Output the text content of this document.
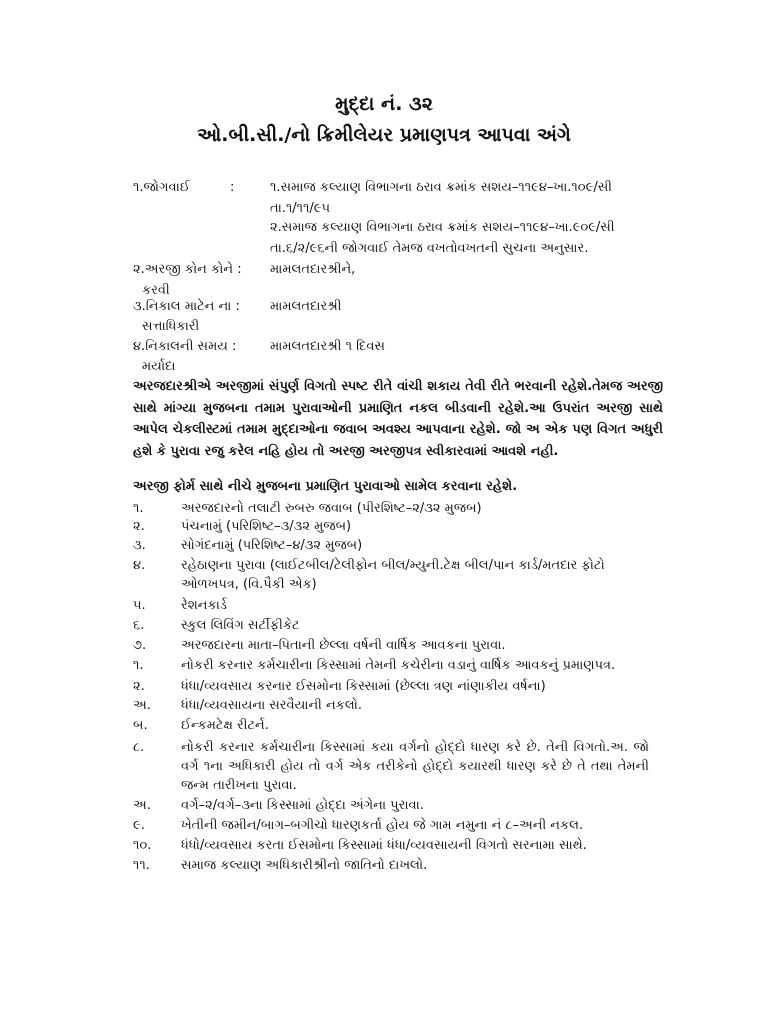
મુદ્દા નં. ૩૨
ઓ.બી.સી./નો ક્રિમીલેયર પ્રમાણપત્ર આપવા અંગે
૧.જોગવાઈ	:	૧.સમાજ કલ્યાણ વિભાગના ઠરાવ ક્રમાંક સશય–૧૧૯૪–ખા.૧૦૯/સી
તા.૧/૧૧/૯૫
૨.સમાજ કલ્યાણ વિભાગના ઠરાવ ક્રમાંક સશય–૧૧૯૪–ખા.૯૦૯/સી
તા.૬/૨/૯૬ની જોગવાઈ તેમજ વખતોવખતની સુચના અનુસાર.
૨.અરજી કોન કોને : મામલતદારશ્રીને,
કરવી
૩.નિકાલ માટેન ના : મામલતદારશ્રી
સત્તાધિકારી
૪.નિકાલની સમય :	મામલતદારશ્રી ૧ દિવસ
મર્યાદા
અરજદારશ્રીએ અરજીમાં સંપુર્ણ વિગતો સ્પષ્ટ રીતે વાંચી શકાય તેવી રીતે ભરવાની રહેશે.તેમજ અરજી સાથે માંગ્યા મુજબના તમામ પુરાવાઓની પ્રમાણિત નકલ બીડવાની રહેશે.આ ઉપરાંત અરજી સાથે આપેલ ચેકલીસ્ટમાં તમામ મુદ્દાઓના જવાબ અવશ્ય આપવાના રહેશે. જો અ એક પણ વિગત અધુરી હશે કે પુરાવા રજુ કરેલ નહિ હોય તો અરજી અરજીપત્ર સ્વીકારવામાં આવશે નહી.
અરજી ફોર્મ સાથે નીચે મુજબના પ્રમાણિત પુરાવાઓ સામેલ કરવાના રહેશે.
૧.	અરજદારનો તલાટી રુબરુ જવાબ (પીરશિષ્ટ–૨/૩૨ મુજબ)
૨.	પંચનામું (પરિશિષ્ટ–૩/૩૨ મુજબ)
૩.	સોગંદનામું (પરિશિષ્ટ–૪/૩૨ મુજબ)
૪.	રહેઠાણના પુરાવા (લાઈટબીલ/ટેલીફોન બીલ/મ્યુની.ટેક્ષ બીલ/પાન કાર્ડ/મતદાર ફોટો
ઓળખપત્ર, (વિ.પૈકી એક)
૫.	રેશનકાર્ડ
૬.	સ્કુલ લિવિંગ સર્ટીફીકેટ
૭.	અરજદારના માતા–પિતાની છેલ્લા વર્ષની વાર્ષિક આવકના પુરાવા.
૧.	નોકરી કરનાર કર્મચારીના કિસ્સામાં તેમની કચેરીના વડાનું વાર્ષિક આવકનું પ્રમાણપત્ર.
૨.	ધંધા/વ્યવસાય કરનાર ઈસમોના કિસ્સામાં (છેલ્લા ત્રણ નાંણાકીય વર્ષના)
અ. ધંધા/વ્યવસાયના સરવૈયાની નકલો.
બ.	ઈન્કમટેક્ષ રીટર્ન.
૮.	નોકરી કરનાર કર્મચારીના કિસ્સામાં કયા વર્ગનો હોદ્દો ધારણ કરે છે. તેની વિગતો.અ. જો વર્ગ ૧ના અધિકારી હોય તો વર્ગ એક તરીકેનો હોદ્દો કયારથી ધારણ કરે છે તે તથા તેમની જન્મ તારીખના પુરાવા.
અ. વર્ગ–૨/વર્ગ–૩ના કિસ્સામાં હોદ્દા અંગેના પુરાવા.
૯.	ખેતીની જમીન/બાગ–બગીચો ધારણકર્તા હોય જે ગામ નમુના નં ૮–અની નકલ.
૧૦. ધંધો/વ્યવસાય કરતા ઈસમોના કિસ્સામાં ધંધા/વ્યવસાયની વિગતો સરનામા સાથે.
૧૧. સમાજ કલ્યાણ અધિકારીશ્રીનો જાતિનો દાખલો.
